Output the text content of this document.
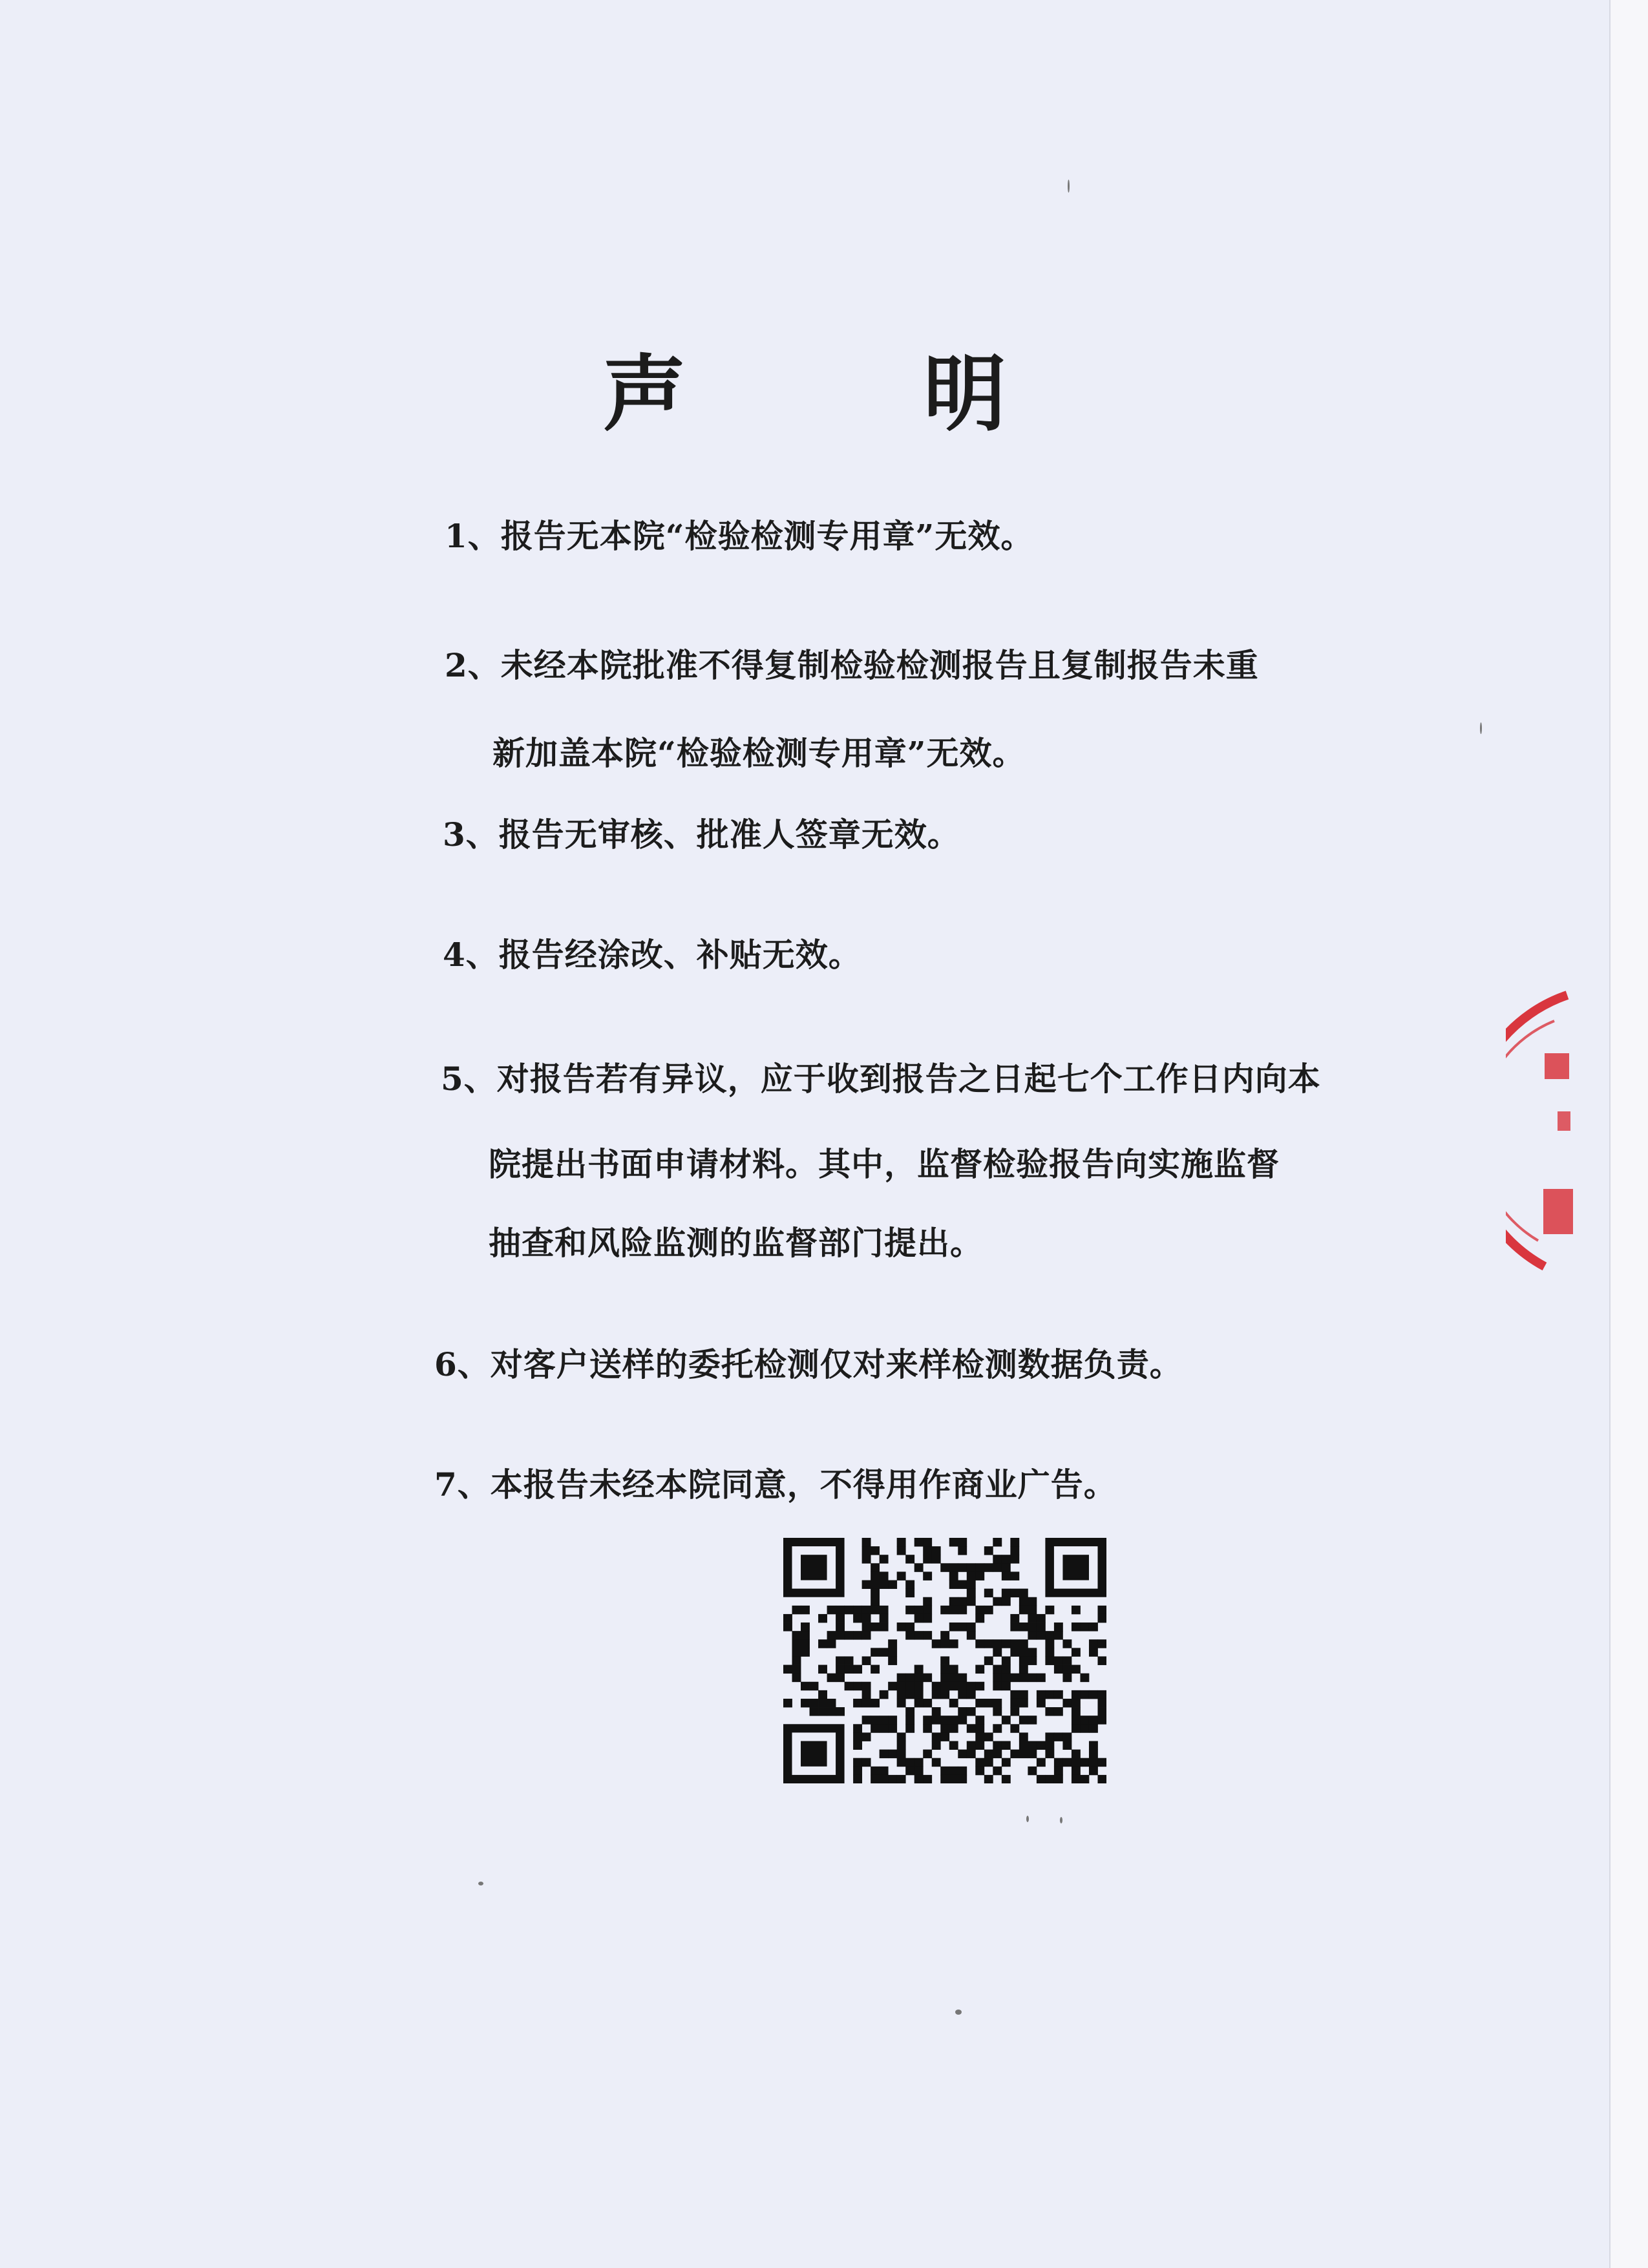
声　明
1、报告无本院“检验检测专用章”无效。
2、未经本院批准不得复制检验检测报告且复制报告未重
新加盖本院“检验检测专用章”无效。
3、报告无审核、批准人签章无效。
4、报告经涂改、补贴无效。
5、对报告若有异议，应于收到报告之日起七个工作日内向本
院提出书面申请材料。其中，监督检验报告向实施监督
抽查和风险监测的监督部门提出。
6、对客户送样的委托检测仅对来样检测数据负责。
7、本报告未经本院同意，不得用作商业广告。
